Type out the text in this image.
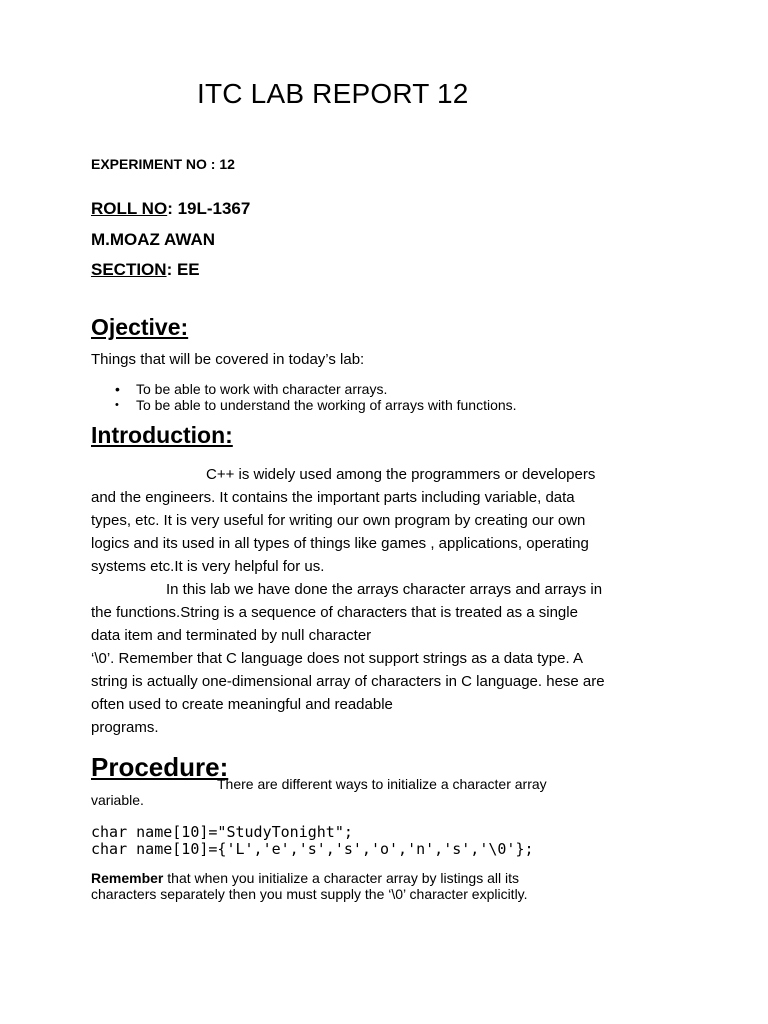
ITC LAB REPORT 12
EXPERIMENT NO : 12
ROLL NO: 19L-1367
M.MOAZ AWAN
SECTION: EE
Ojective:
Things that will be covered in today’s lab:
• To be able to work with character arrays.
• To be able to understand the working of arrays with functions.
Introduction:
C++ is widely used among the programmers or developers
and the engineers. It contains the important parts including variable, data
types, etc. It is very useful for writing our own program by creating our own
logics and its used in all types of things like games , applications, operating
systems etc.It is very helpful for us.
In this lab we have done the arrays character arrays and arrays in
the functions.String is a sequence of characters that is treated as a single
data item and terminated by null character
‘\0’. Remember that C language does not support strings as a data type. A
string is actually one-dimensional array of characters in C language. hese are
often used to create meaningful and readable
programs.
Procedure:
There are different ways to initialize a character array
variable.
char name[10]="StudyTonight";
char name[10]={'L','e','s','s','o','n','s','\0'};
Remember that when you initialize a character array by listings all its
characters separately then you must supply the ‘\0’ character explicitly.
